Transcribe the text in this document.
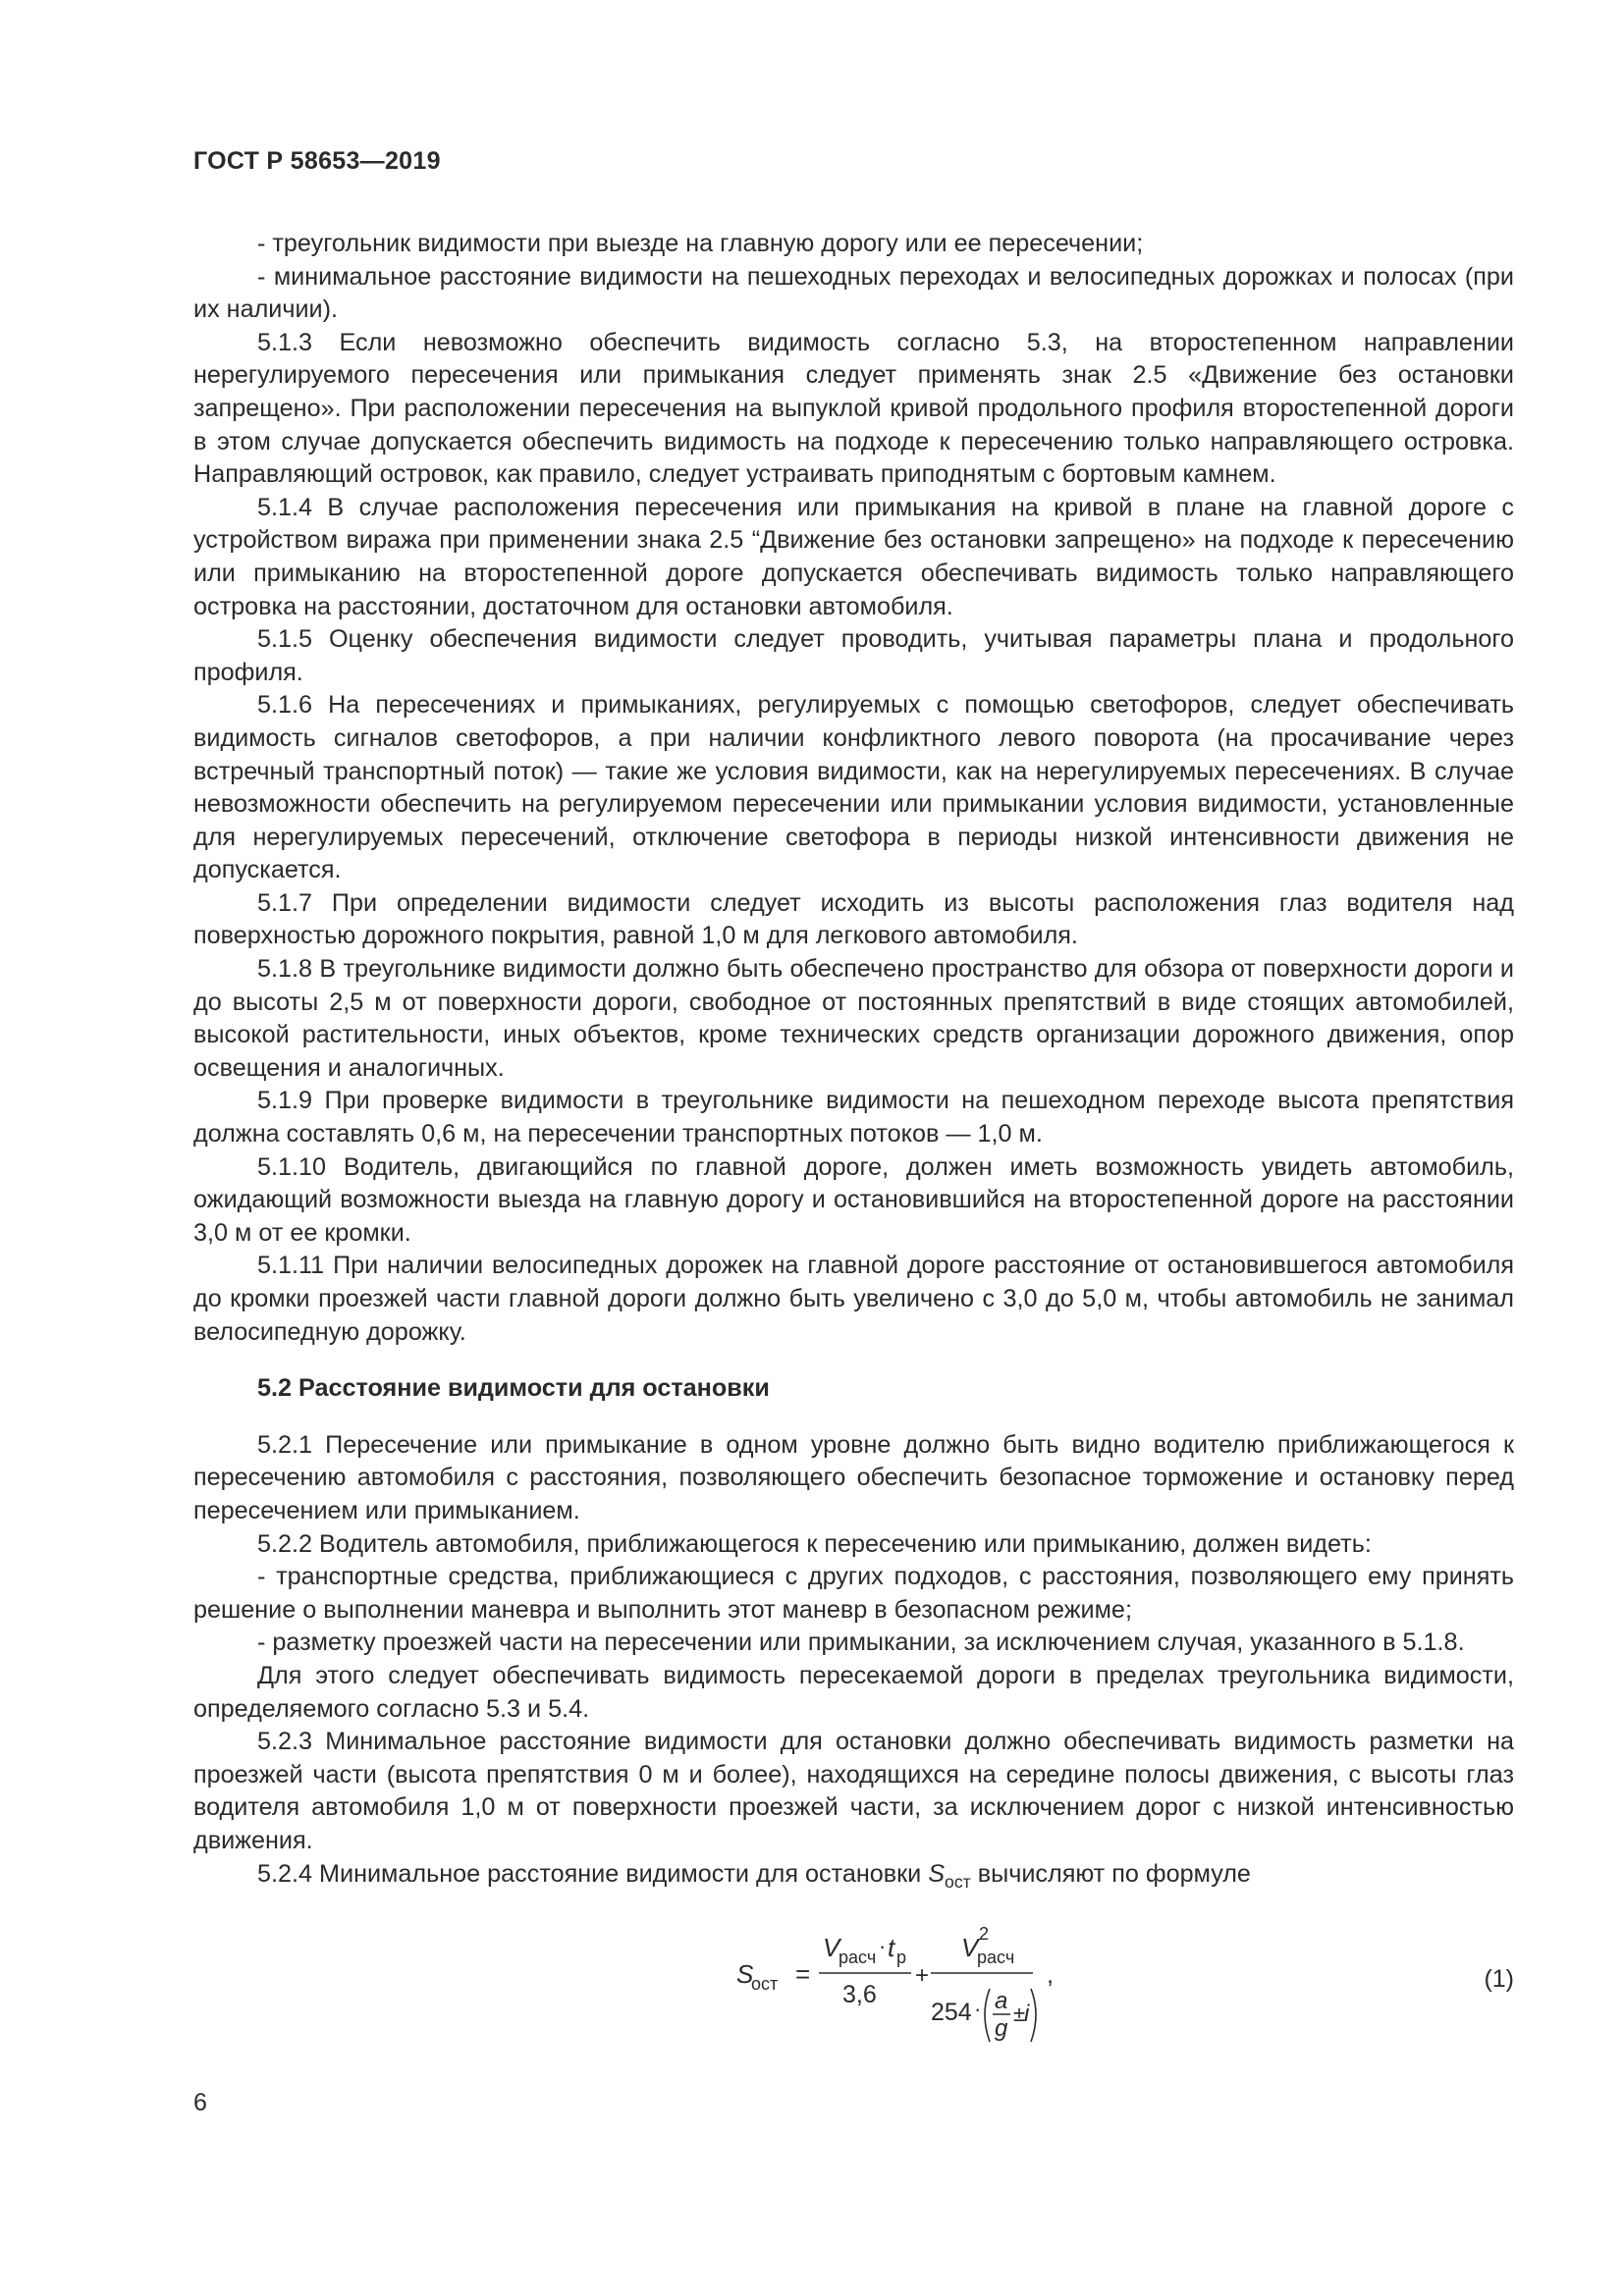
ГОСТ Р 58653—2019

- треугольник видимости при выезде на главную дорогу или ее пересечении;

- минимальное расстояние видимости на пешеходных переходах и велосипедных дорожках и полосах (при их наличии).

5.1.3 Если невозможно обеспечить видимость согласно 5.3, на второстепенном направлении нерегулируемого пересечения или примыкания следует применять знак 2.5 «Движение без остановки запрещено». При расположении пересечения на выпуклой кривой продольного профиля второстепенной дороги в этом случае допускается обеспечить видимость на подходе к пересечению только направляющего островка. Направляющий островок, как правило, следует устраивать приподнятым с бортовым камнем.

5.1.4 В случае расположения пересечения или примыкания на кривой в плане на главной дороге с устройством виража при применении знака 2.5 “Движение без остановки запрещено» на подходе к пересечению или примыканию на второстепенной дороге допускается обеспечивать видимость только направляющего островка на расстоянии, достаточном для остановки автомобиля.

5.1.5 Оценку обеспечения видимости следует проводить, учитывая параметры плана и продольного профиля.

5.1.6 На пересечениях и примыканиях, регулируемых с помощью светофоров, следует обеспечивать видимость сигналов светофоров, а при наличии конфликтного левого поворота (на просачивание через встречный транспортный поток) — такие же условия видимости, как на нерегулируемых пересечениях. В случае невозможности обеспечить на регулируемом пересечении или примыкании условия видимости, установленные для нерегулируемых пересечений, отключение светофора в периоды низкой интенсивности движения не допускается.

5.1.7 При определении видимости следует исходить из высоты расположения глаз водителя над поверхностью дорожного покрытия, равной 1,0 м для легкового автомобиля.

5.1.8 В треугольнике видимости должно быть обеспечено пространство для обзора от поверхности дороги и до высоты 2,5 м от поверхности дороги, свободное от постоянных препятствий в виде стоящих автомобилей, высокой растительности, иных объектов, кроме технических средств организации дорожного движения, опор освещения и аналогичных.

5.1.9 При проверке видимости в треугольнике видимости на пешеходном переходе высота препятствия должна составлять 0,6 м, на пересечении транспортных потоков — 1,0 м.

5.1.10 Водитель, двигающийся по главной дороге, должен иметь возможность увидеть автомобиль, ожидающий возможности выезда на главную дорогу и остановившийся на второстепенной дороге на расстоянии 3,0 м от ее кромки.

5.1.11 При наличии велосипедных дорожек на главной дороге расстояние от остановившегося автомобиля до кромки проезжей части главной дороги должно быть увеличено с 3,0 до 5,0 м, чтобы автомобиль не занимал велосипедную дорожку.

5.2 Расстояние видимости для остановки

5.2.1 Пересечение или примыкание в одном уровне должно быть видно водителю приближающегося к пересечению автомобиля с расстояния, позволяющего обеспечить безопасное торможение и остановку перед пересечением или примыканием.

5.2.2 Водитель автомобиля, приближающегося к пересечению или примыканию, должен видеть:

- транспортные средства, приближающиеся с других подходов, с расстояния, позволяющего ему принять решение о выполнении маневра и выполнить этот маневр в безопасном режиме;

- разметку проезжей части на пересечении или примыкании, за исключением случая, указанного в 5.1.8.

Для этого следует обеспечивать видимость пересекаемой дороги в пределах треугольника видимости, определяемого согласно 5.3 и 5.4.

5.2.3 Минимальное расстояние видимости для остановки должно обеспечивать видимость разметки на проезжей части (высота препятствия 0 м и более), находящихся на середине полосы движения, с высоты глаз водителя автомобиля 1,0 м от поверхности проезжей части, за исключением дорог с низкой интенсивностью движения.

5.2.4 Минимальное расстояние видимости для остановки $S_{ост}$ вычисляют по формуле

S
ост =
V
расч · t р
3,6
+
V 2
расч
254 · a
g
±
i
,	(1)
6
